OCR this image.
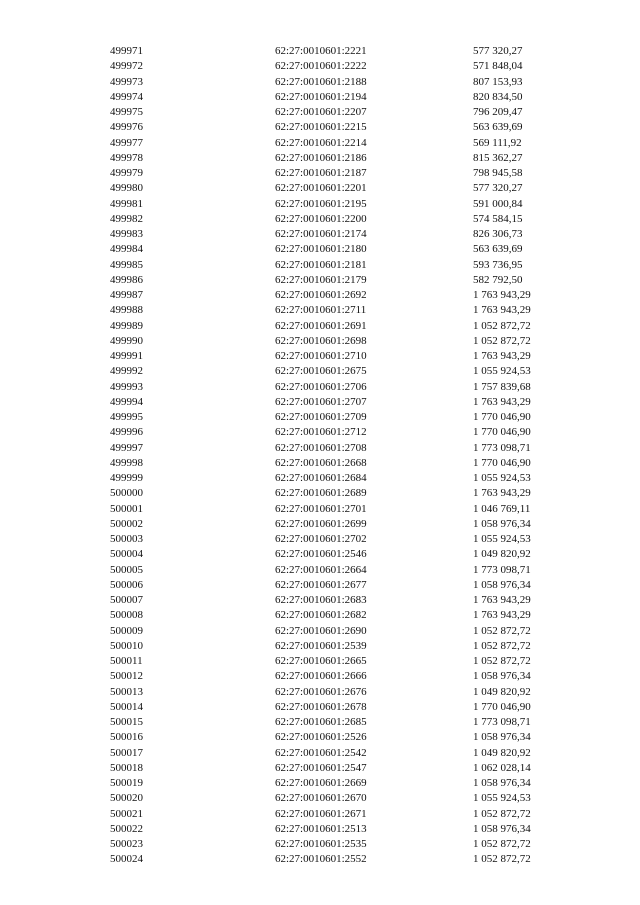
499971	62:27:0010601:2221	577 320,27
499972	62:27:0010601:2222	571 848,04
499973	62:27:0010601:2188	807 153,93
499974	62:27:0010601:2194	820 834,50
499975	62:27:0010601:2207	796 209,47
499976	62:27:0010601:2215	563 639,69
499977	62:27:0010601:2214	569 111,92
499978	62:27:0010601:2186	815 362,27
499979	62:27:0010601:2187	798 945,58
499980	62:27:0010601:2201	577 320,27
499981	62:27:0010601:2195	591 000,84
499982	62:27:0010601:2200	574 584,15
499983	62:27:0010601:2174	826 306,73
499984	62:27:0010601:2180	563 639,69
499985	62:27:0010601:2181	593 736,95
499986	62:27:0010601:2179	582 792,50
499987	62:27:0010601:2692	1 763 943,29
499988	62:27:0010601:2711	1 763 943,29
499989	62:27:0010601:2691	1 052 872,72
499990	62:27:0010601:2698	1 052 872,72
499991	62:27:0010601:2710	1 763 943,29
499992	62:27:0010601:2675	1 055 924,53
499993	62:27:0010601:2706	1 757 839,68
499994	62:27:0010601:2707	1 763 943,29
499995	62:27:0010601:2709	1 770 046,90
499996	62:27:0010601:2712	1 770 046,90
499997	62:27:0010601:2708	1 773 098,71
499998	62:27:0010601:2668	1 770 046,90
499999	62:27:0010601:2684	1 055 924,53
500000	62:27:0010601:2689	1 763 943,29
500001	62:27:0010601:2701	1 046 769,11
500002	62:27:0010601:2699	1 058 976,34
500003	62:27:0010601:2702	1 055 924,53
500004	62:27:0010601:2546	1 049 820,92
500005	62:27:0010601:2664	1 773 098,71
500006	62:27:0010601:2677	1 058 976,34
500007	62:27:0010601:2683	1 763 943,29
500008	62:27:0010601:2682	1 763 943,29
500009	62:27:0010601:2690	1 052 872,72
500010	62:27:0010601:2539	1 052 872,72
500011	62:27:0010601:2665	1 052 872,72
500012	62:27:0010601:2666	1 058 976,34
500013	62:27:0010601:2676	1 049 820,92
500014	62:27:0010601:2678	1 770 046,90
500015	62:27:0010601:2685	1 773 098,71
500016	62:27:0010601:2526	1 058 976,34
500017	62:27:0010601:2542	1 049 820,92
500018	62:27:0010601:2547	1 062 028,14
500019	62:27:0010601:2669	1 058 976,34
500020	62:27:0010601:2670	1 055 924,53
500021	62:27:0010601:2671	1 052 872,72
500022	62:27:0010601:2513	1 058 976,34
500023	62:27:0010601:2535	1 052 872,72
500024	62:27:0010601:2552	1 052 872,72
